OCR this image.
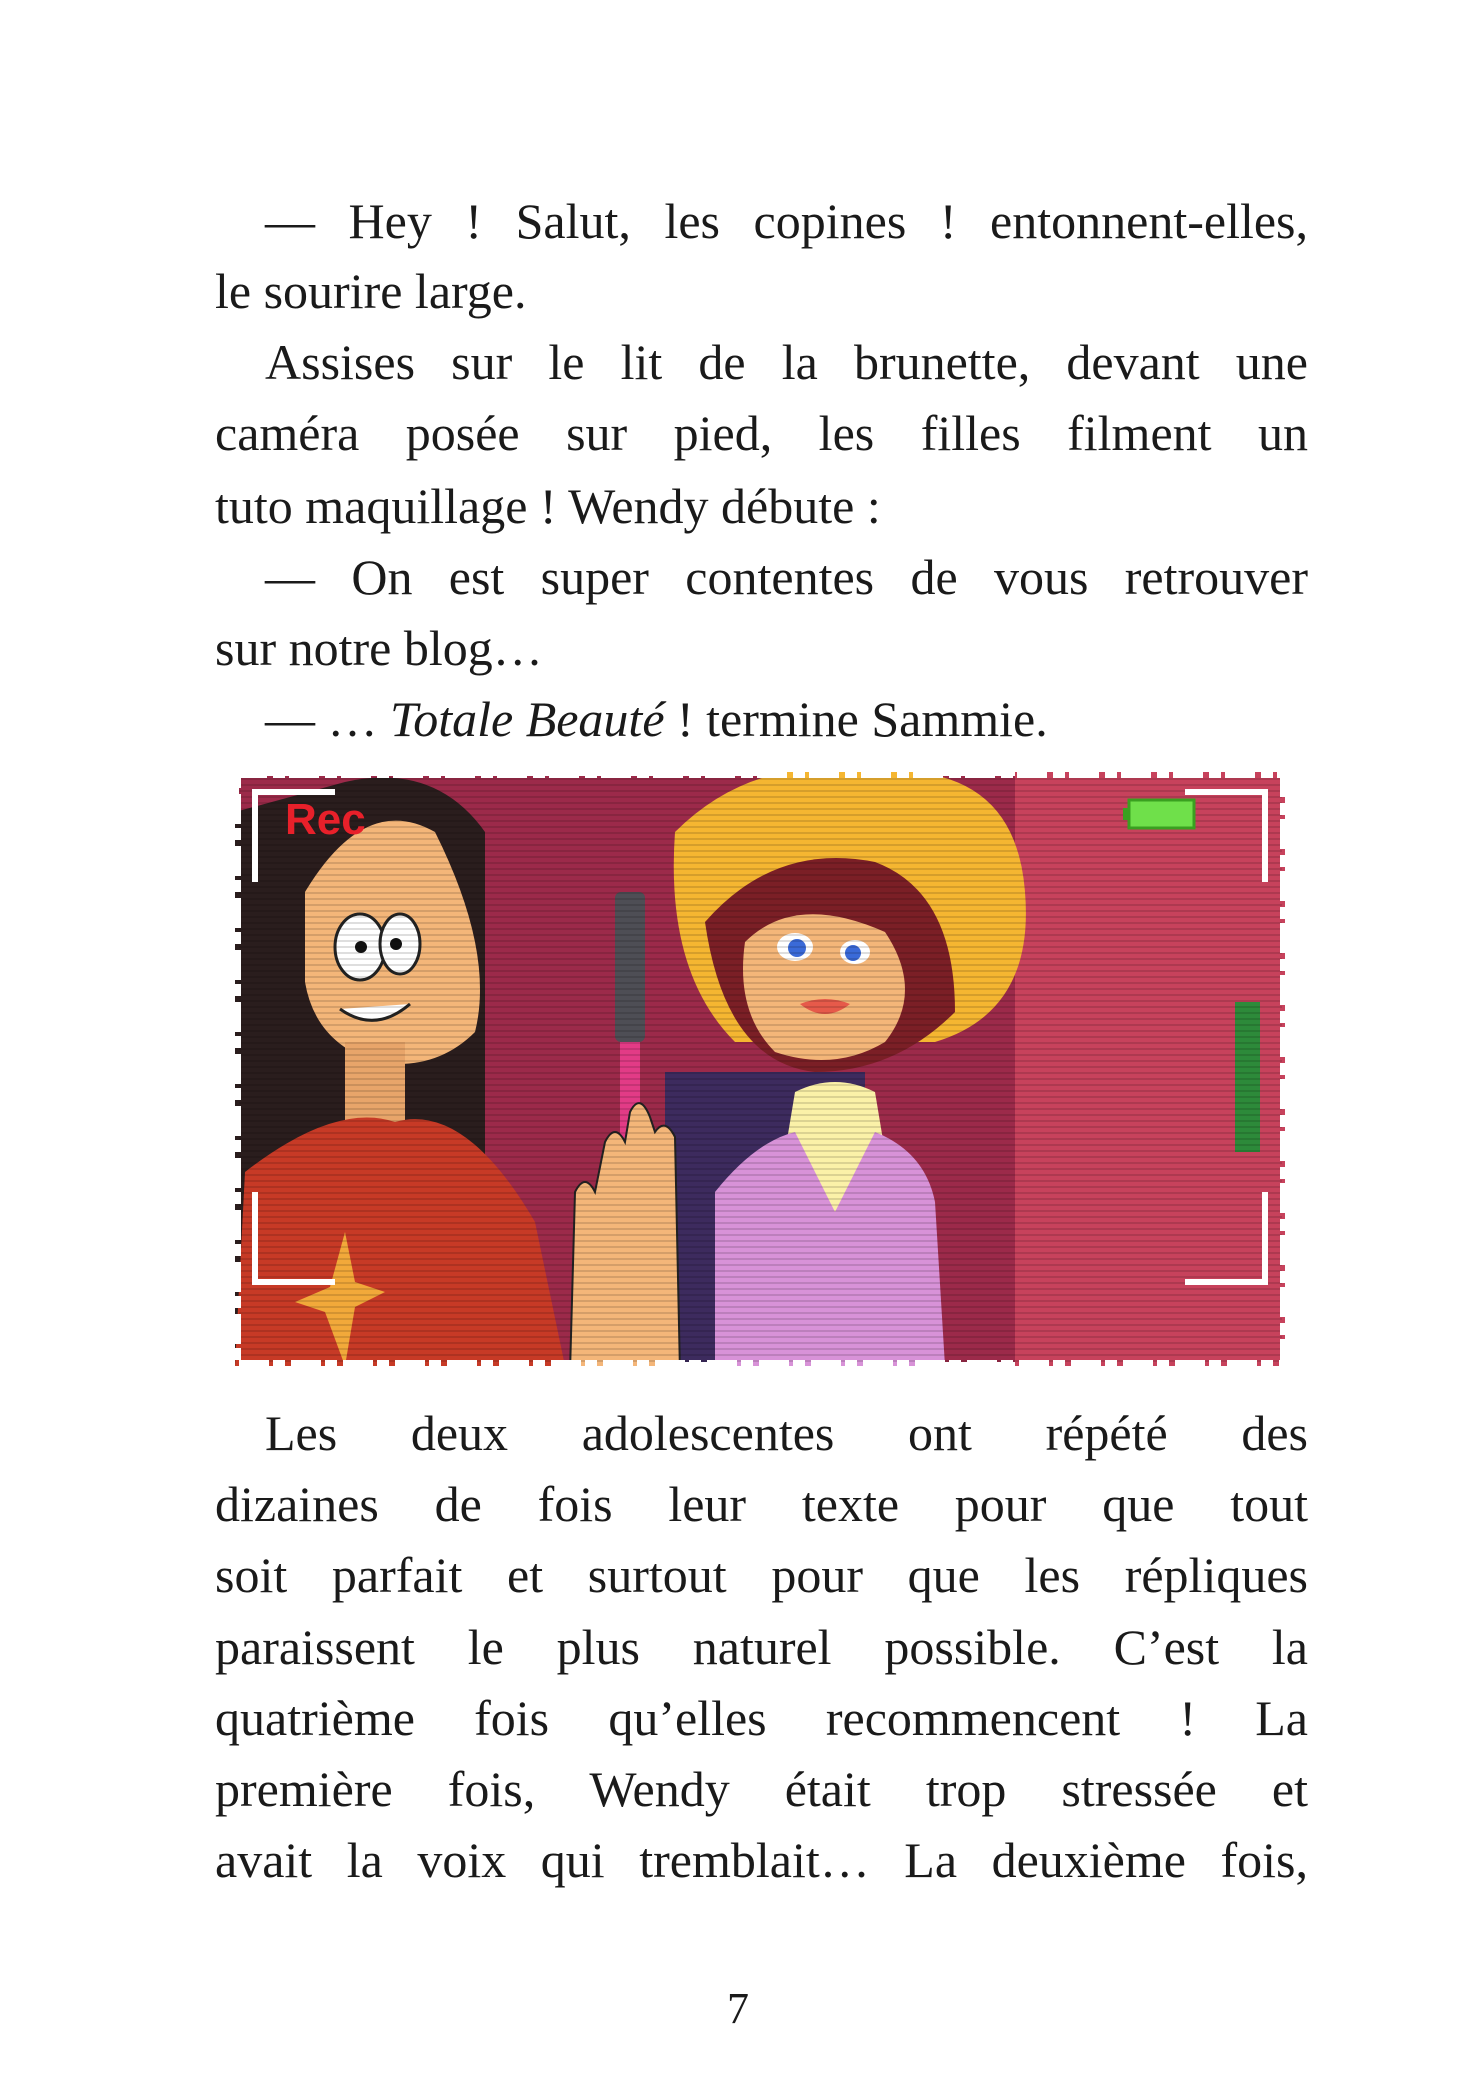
— Hey ! Salut, les copines ! entonnent-elles,
le sourire large.
Assises sur le lit de la brunette, devant une
caméra posée sur pied, les filles filment un
tuto maquillage ! Wendy débute :
— On est super contentes de vous retrouver
sur notre blog…
— … Totale Beauté ! termine Sammie.
Rec
Les deux adolescentes ont répété des
dizaines de fois leur texte pour que tout
soit parfait et surtout pour que les répliques
paraissent le plus naturel possible. C’est la
quatrième fois qu’elles recommencent ! La
première fois, Wendy était trop stressée et
avait la voix qui tremblait… La deuxième fois,
7
